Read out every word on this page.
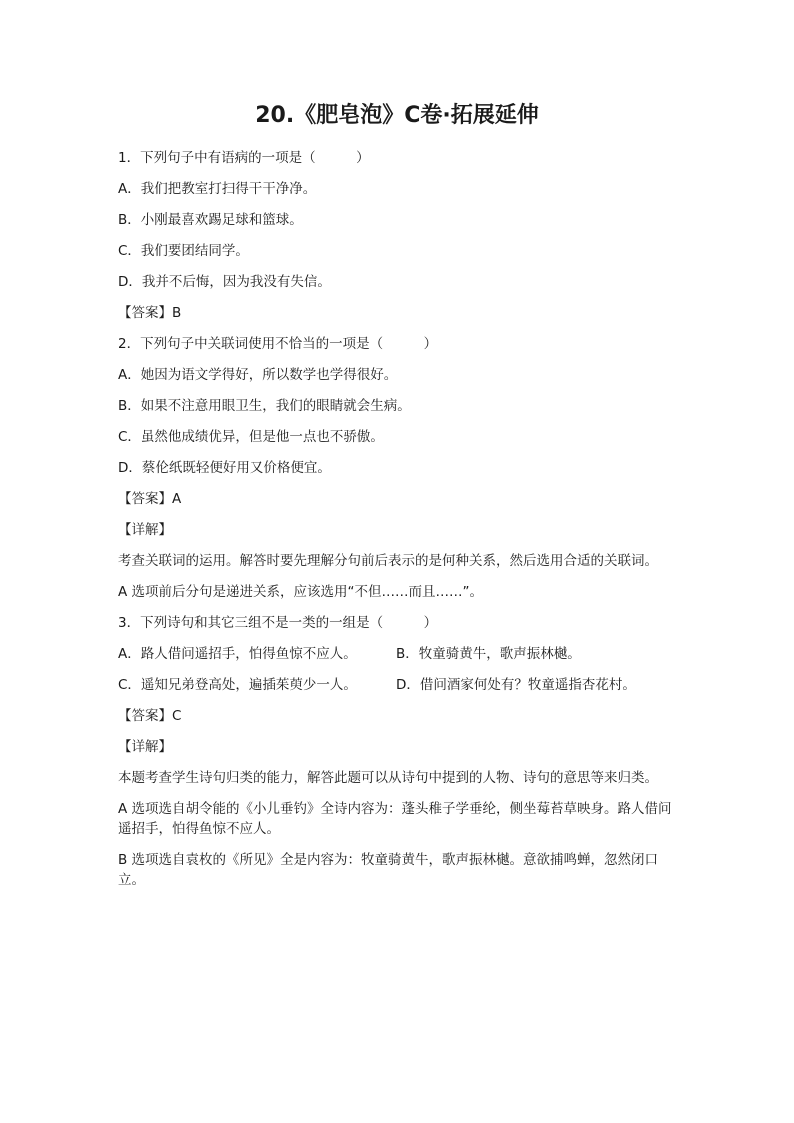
20.《肥皂泡》C卷·拓展延伸
1．下列句子中有语病的一项是（　　　）
A．我们把教室打扫得干干净净。
B．小刚最喜欢踢足球和篮球。
C．我们要团结同学。
D．我并不后悔，因为我没有失信。
【答案】B
2．下列句子中关联词使用不恰当的一项是（　　　）
A．她因为语文学得好，所以数学也学得很好。
B．如果不注意用眼卫生，我们的眼睛就会生病。
C．虽然他成绩优异，但是他一点也不骄傲。
D．蔡伦纸既轻便好用又价格便宜。
【答案】A
【详解】
考查关联词的运用。解答时要先理解分句前后表示的是何种关系，然后选用合适的关联词。
A 选项前后分句是递进关系，应该选用“不但……而且……”。
3．下列诗句和其它三组不是一类的一组是（　　　）
A．路人借问遥招手，怕得鱼惊不应人。	B．牧童骑黄牛，歌声振林樾。
C．遥知兄弟登高处，遍插茱萸少一人。	D．借问酒家何处有？牧童遥指杏花村。
【答案】C
【详解】
本题考查学生诗句归类的能力，解答此题可以从诗句中提到的人物、诗句的意思等来归类。
A 选项选自胡令能的《小儿垂钓》全诗内容为：蓬头稚子学垂纶，侧坐莓苔草映身。路人借问遥招手，怕得鱼惊不应人。
B 选项选自袁枚的《所见》全是内容为：牧童骑黄牛，歌声振林樾。意欲捕鸣蝉，忽然闭口立。
